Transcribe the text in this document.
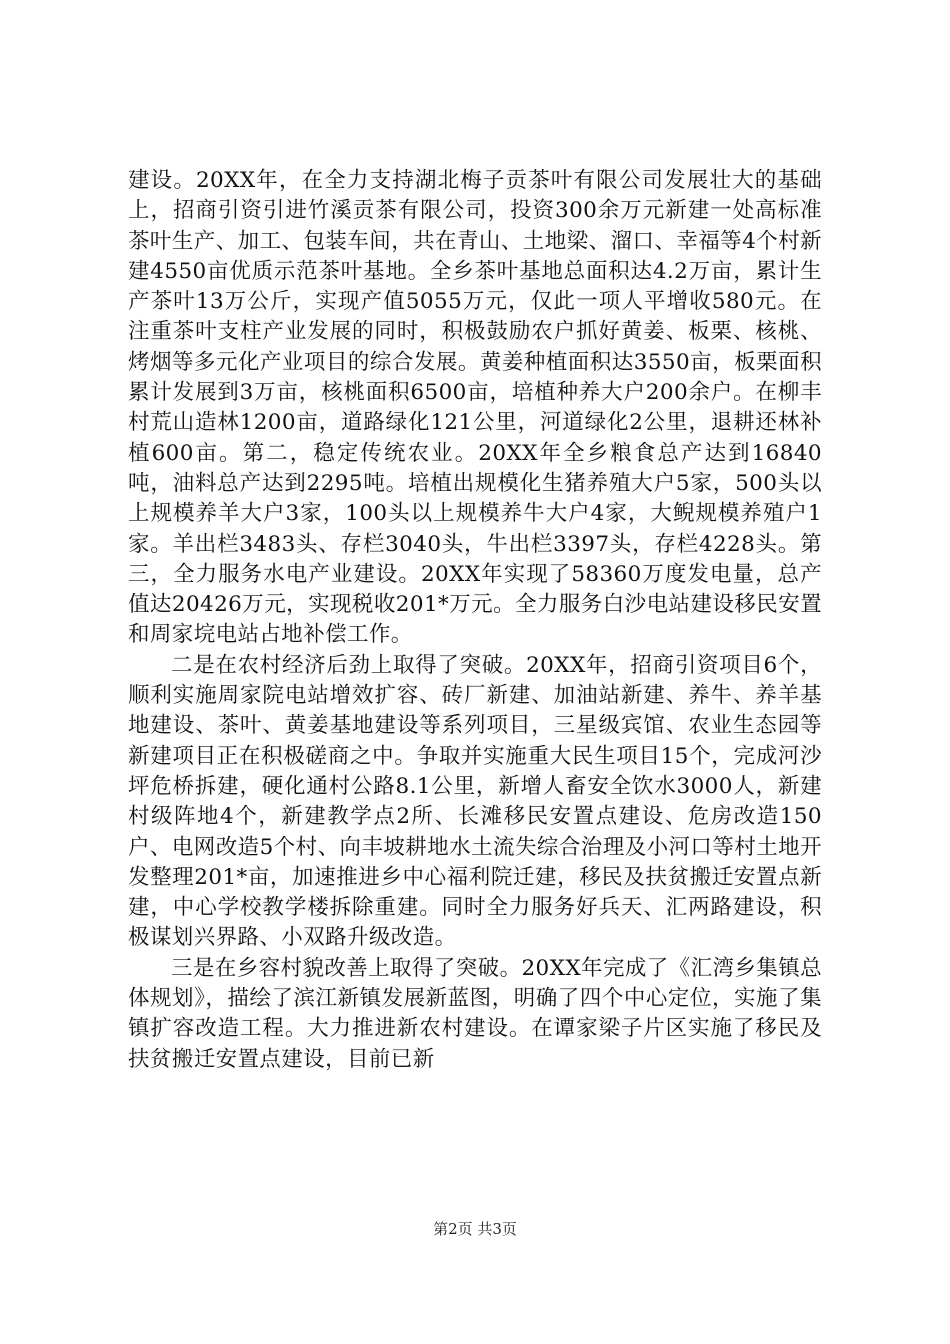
建设。20XX年，在全力支持湖北梅子贡茶叶有限公司发展壮大的基础上，招商引资引进竹溪贡茶有限公司，投资300余万元新建一处高标准茶叶生产、加工、包装车间，共在青山、土地梁、溜口、幸福等4个村新建4550亩优质示范茶叶基地。全乡茶叶基地总面积达4.2万亩，累计生产茶叶13万公斤，实现产值5055万元，仅此一项人平增收580元。在注重茶叶支柱产业发展的同时，积极鼓励农户抓好黄姜、板栗、核桃、烤烟等多元化产业项目的综合发展。黄姜种植面积达3550亩，板栗面积累计发展到3万亩，核桃面积6500亩，培植种养大户200余户。在柳丰村荒山造林1200亩，道路绿化121公里，河道绿化2公里，退耕还林补植600亩。第二，稳定传统农业。20XX年全乡粮食总产达到16840吨，油料总产达到2295吨。培植出规模化生猪养殖大户5家，500头以上规模养羊大户3家，100头以上规模养牛大户4家，大鲵规模养殖户1家。羊出栏3483头、存栏3040头，牛出栏3397头，存栏4228头。第三，全力服务水电产业建设。20XX年实现了58360万度发电量，总产值达20426万元，实现税收201*万元。全力服务白沙电站建设移民安置和周家垸电站占地补偿工作。

二是在农村经济后劲上取得了突破。20XX年，招商引资项目6个，顺利实施周家院电站增效扩容、砖厂新建、加油站新建、养牛、养羊基地建设、茶叶、黄姜基地建设等系列项目，三星级宾馆、农业生态园等新建项目正在积极磋商之中。争取并实施重大民生项目15个，完成河沙坪危桥拆建，硬化通村公路8.1公里，新增人畜安全饮水3000人，新建村级阵地4个，新建教学点2所、长滩移民安置点建设、危房改造150户、电网改造5个村、向丰坡耕地水土流失综合治理及小河口等村土地开发整理201*亩，加速推进乡中心福利院迁建，移民及扶贫搬迁安置点新建，中心学校教学楼拆除重建。同时全力服务好兵天、汇两路建设，积极谋划兴界路、小双路升级改造。

三是在乡容村貌改善上取得了突破。20XX年完成了《汇湾乡集镇总体规划》，描绘了滨江新镇发展新蓝图，明确了四个中心定位，实施了集镇扩容改造工程。大力推进新农村建设。在谭家梁子片区实施了移民及扶贫搬迁安置点建设，目前已新

第2页 共3页
